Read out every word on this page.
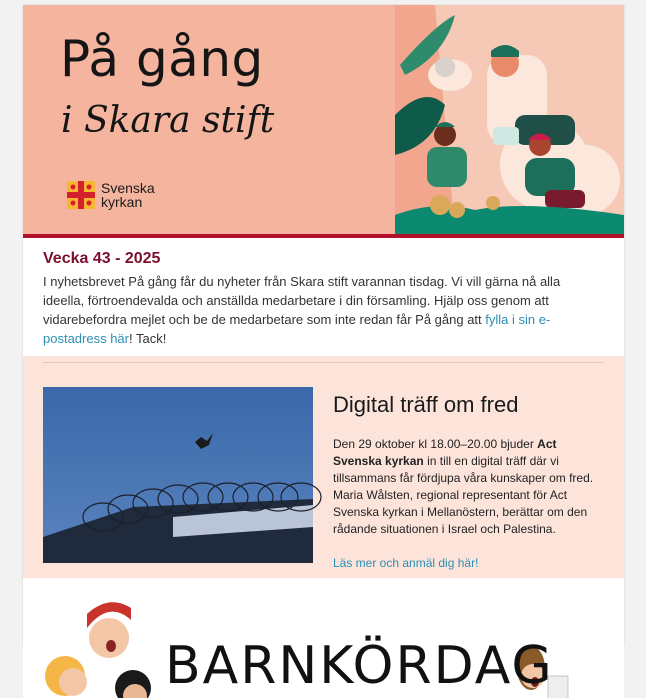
På gång
i Skara stift
Svenska kyrkan
Vecka 43 - 2025

I nyhetsbrevet På gång får du nyheter från Skara stift varannan tisdag. Vi vill gärna nå alla ideella, förtroendevalda och anställda medarbetare i din församling. Hjälp oss genom att vidarebefordra mejlet och be de medarbetare som inte redan får På gång att fylla i sin e-postadress här! Tack!

Digital träff om fred

Den 29 oktober kl 18.00–20.00 bjuder Act Svenska kyrkan in till en digital träff där vi tillsammans får fördjupa våra kunskaper om fred. Maria Wålsten, regional representant för Act Svenska kyrkan i Mellanöstern, berättar om den rådande situationen i Israel och Palestina.

Läs mer och anmäl dig här!
BARNKÖRDAG
